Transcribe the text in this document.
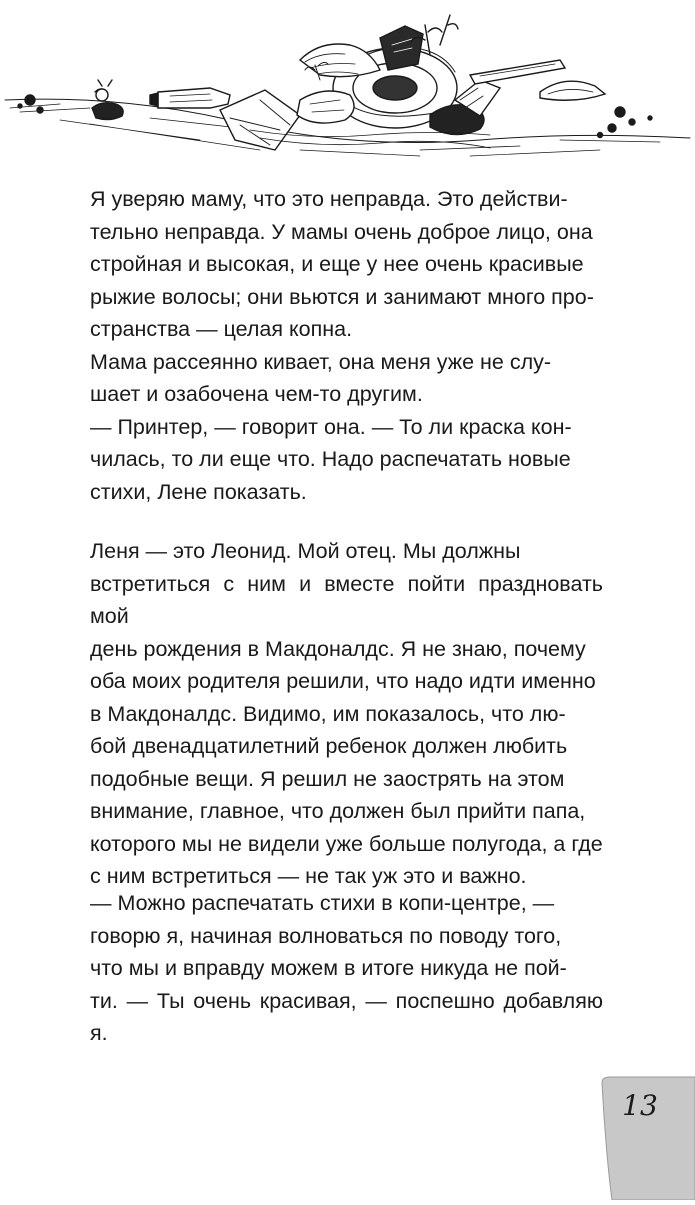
Я уверяю маму, что это неправда. Это действи-
тельно неправда. У мамы очень доброе лицо, она
стройная и высокая, и еще у нее очень красивые
рыжие волосы; они вьются и занимают много про-
странства — целая копна.

Мама рассеянно кивает, она меня уже не слу-
шает и озабочена чем-то другим.

— Принтер, — говорит она. — То ли краска кон-
чилась, то ли еще что. Надо распечатать новые
стихи, Лене показать.

Леня — это Леонид. Мой отец. Мы должны
встретиться с ним и вместе пойти праздновать мой
день рождения в Макдоналдс. Я не знаю, почему
оба моих родителя решили, что надо идти именно
в Макдоналдс. Видимо, им показалось, что лю-
бой двенадцатилетний ребенок должен любить
подобные вещи. Я решил не заострять на этом
внимание, главное, что должен был прийти папа,
которого мы не видели уже больше полугода, а где
с ним встретиться — не так уж это и важно.

— Можно распечатать стихи в копи-центре, —
говорю я, начиная волноваться по поводу того,
что мы и вправду можем в итоге никуда не пой-
ти. — Ты очень красивая, — поспешно добавляю я.

13
